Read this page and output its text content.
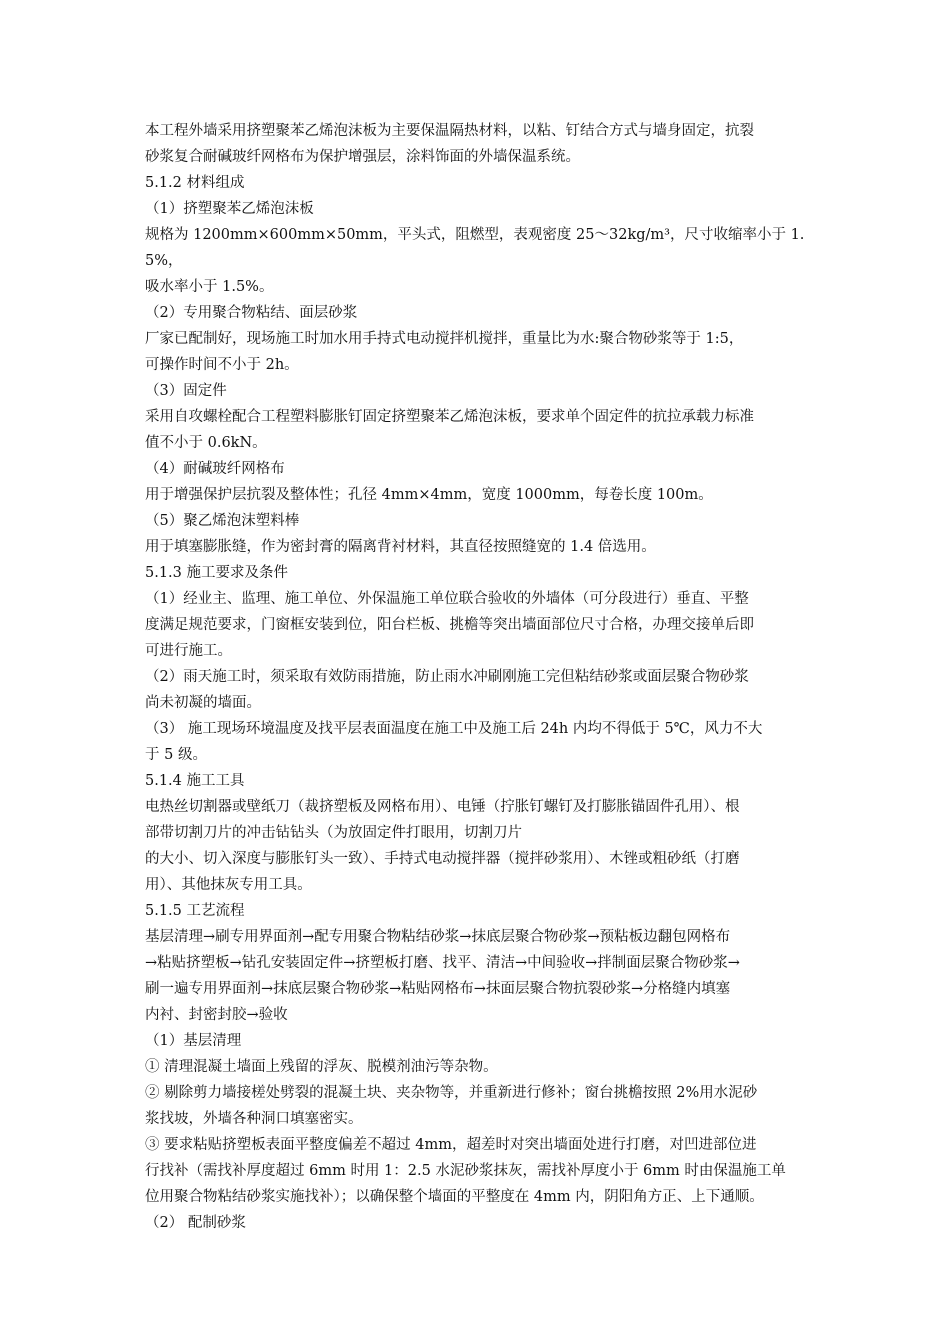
本工程外墙采用挤塑聚苯乙烯泡沫板为主要保温隔热材料，以粘、钉结合方式与墙身固定，抗裂

砂浆复合耐碱玻纤网格布为保护增强层，涂料饰面的外墙保温系统。

5.1.2 材料组成

（1）挤塑聚苯乙烯泡沫板

规格为 1200mm×600mm×50mm，平头式，阻燃型，表观密度 25～32kg/m³，尺寸收缩率小于 1.5%，

吸水率小于 1.5%。

（2）专用聚合物粘结、面层砂浆

厂家已配制好，现场施工时加水用手持式电动搅拌机搅拌，重量比为水:聚合物砂浆等于 1:5，

可操作时间不小于 2h。

（3）固定件

采用自攻螺栓配合工程塑料膨胀钉固定挤塑聚苯乙烯泡沫板，要求单个固定件的抗拉承载力标准

值不小于 0.6kN。

（4）耐碱玻纤网格布

用于增强保护层抗裂及整体性；孔径 4mm×4mm，宽度 1000mm，每卷长度 100m。

（5）聚乙烯泡沫塑料棒

用于填塞膨胀缝，作为密封膏的隔离背衬材料，其直径按照缝宽的 1.4 倍选用。

5.1.3 施工要求及条件

（1）经业主、监理、施工单位、外保温施工单位联合验收的外墙体（可分段进行）垂直、平整

度满足规范要求，门窗框安装到位，阳台栏板、挑檐等突出墙面部位尺寸合格，办理交接单后即

可进行施工。

（2）雨天施工时，须采取有效防雨措施，防止雨水冲刷刚施工完但粘结砂浆或面层聚合物砂浆

尚未初凝的墙面。

（3） 施工现场环境温度及找平层表面温度在施工中及施工后 24h 内均不得低于 5℃，风力不大

于 5 级。

5.1.4 施工工具

电热丝切割器或壁纸刀（裁挤塑板及网格布用）、电锤（拧胀钉螺钉及打膨胀锚固件孔用）、根

部带切割刀片的冲击钻钻头（为放固定件打眼用，切割刀片

的大小、切入深度与膨胀钉头一致）、手持式电动搅拌器（搅拌砂浆用）、木锉或粗砂纸（打磨

用）、其他抹灰专用工具。

5.1.5 工艺流程

基层清理→刷专用界面剂→配专用聚合物粘结砂浆→抹底层聚合物砂浆→预粘板边翻包网格布

→粘贴挤塑板→钻孔安装固定件→挤塑板打磨、找平、清洁→中间验收→拌制面层聚合物砂浆→

刷一遍专用界面剂→抹底层聚合物砂浆→粘贴网格布→抹面层聚合物抗裂砂浆→分格缝内填塞

内衬、封密封胶→验收

（1）基层清理

① 清理混凝土墙面上残留的浮灰、脱模剂油污等杂物。

② 剔除剪力墙接槎处劈裂的混凝土块、夹杂物等，并重新进行修补；窗台挑檐按照 2%用水泥砂

浆找坡，外墙各种洞口填塞密实。

③ 要求粘贴挤塑板表面平整度偏差不超过 4mm，超差时对突出墙面处进行打磨，对凹进部位进

行找补（需找补厚度超过 6mm 时用 1：2.5 水泥砂浆抹灰，需找补厚度小于 6mm 时由保温施工单

位用聚合物粘结砂浆实施找补）；以确保整个墙面的平整度在 4mm 内，阴阳角方正、上下通顺。

（2） 配制砂浆
